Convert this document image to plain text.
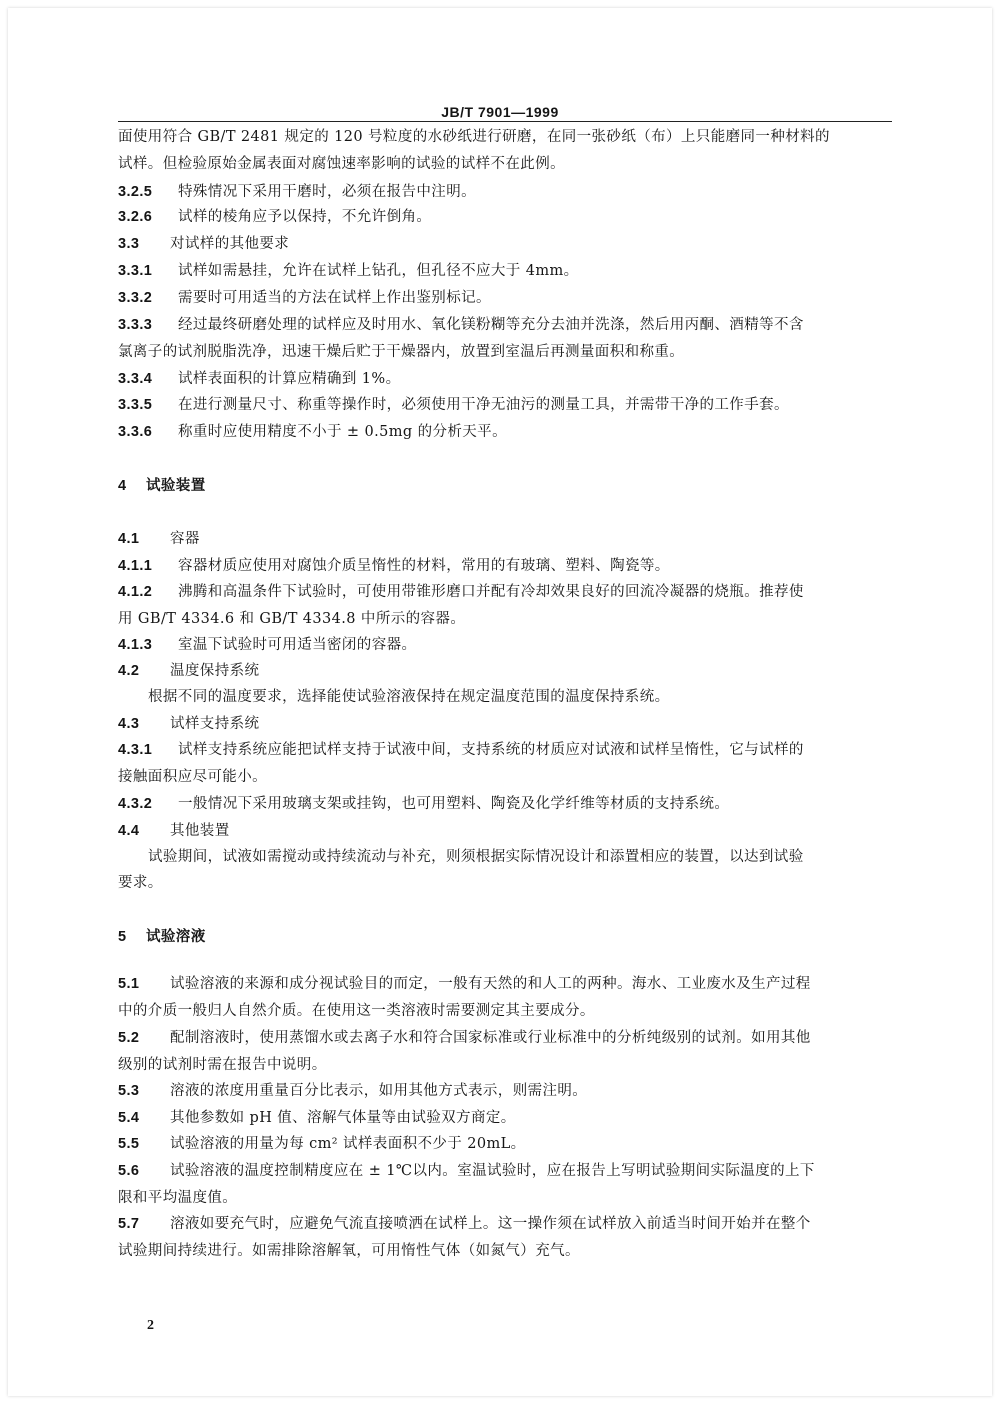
JB/T 7901—1999
面使用符合 GB/T 2481 规定的 120 号粒度的水砂纸进行研磨，在同一张砂纸（布）上只能磨同一种材料的
试样。但检验原始金属表面对腐蚀速率影响的试验的试样不在此例。
3.2.5 特殊情况下采用干磨时，必须在报告中注明。
3.2.6 试样的棱角应予以保持，不允许倒角。
3.3 对试样的其他要求
3.3.1 试样如需悬挂，允许在试样上钻孔，但孔径不应大于 4mm。
3.3.2 需要时可用适当的方法在试样上作出鉴别标记。
3.3.3 经过最终研磨处理的试样应及时用水、氧化镁粉糊等充分去油并洗涤，然后用丙酮、酒精等不含
氯离子的试剂脱脂洗净，迅速干燥后贮于干燥器内，放置到室温后再测量面积和称重。
3.3.4 试样表面积的计算应精确到 1%。
3.3.5 在进行测量尺寸、称重等操作时，必须使用干净无油污的测量工具，并需带干净的工作手套。
3.3.6 称重时应使用精度不小于 ± 0.5mg 的分析天平。
4 试验装置
4.1 容器
4.1.1 容器材质应使用对腐蚀介质呈惰性的材料，常用的有玻璃、塑料、陶瓷等。
4.1.2 沸腾和高温条件下试验时，可使用带锥形磨口并配有冷却效果良好的回流冷凝器的烧瓶。推荐使
用 GB/T 4334.6 和 GB/T 4334.8 中所示的容器。
4.1.3 室温下试验时可用适当密闭的容器。
4.2 温度保持系统
根据不同的温度要求，选择能使试验溶液保持在规定温度范围的温度保持系统。
4.3 试样支持系统
4.3.1 试样支持系统应能把试样支持于试液中间，支持系统的材质应对试液和试样呈惰性，它与试样的
接触面积应尽可能小。
4.3.2 一般情况下采用玻璃支架或挂钩，也可用塑料、陶瓷及化学纤维等材质的支持系统。
4.4 其他装置
试验期间，试液如需搅动或持续流动与补充，则须根据实际情况设计和添置相应的装置，以达到试验
要求。
5 试验溶液
5.1 试验溶液的来源和成分视试验目的而定，一般有天然的和人工的两种。海水、工业废水及生产过程
中的介质一般归人自然介质。在使用这一类溶液时需要测定其主要成分。
5.2 配制溶液时，使用蒸馏水或去离子水和符合国家标准或行业标准中的分析纯级别的试剂。如用其他
级别的试剂时需在报告中说明。
5.3 溶液的浓度用重量百分比表示，如用其他方式表示，则需注明。
5.4 其他参数如 pH 值、溶解气体量等由试验双方商定。
5.5 试验溶液的用量为每 cm² 试样表面积不少于 20mL。
5.6 试验溶液的温度控制精度应在 ± 1℃以内。室温试验时，应在报告上写明试验期间实际温度的上下
限和平均温度值。
5.7 溶液如要充气时，应避免气流直接喷洒在试样上。这一操作须在试样放入前适当时间开始并在整个
试验期间持续进行。如需排除溶解氧，可用惰性气体（如氮气）充气。
2
